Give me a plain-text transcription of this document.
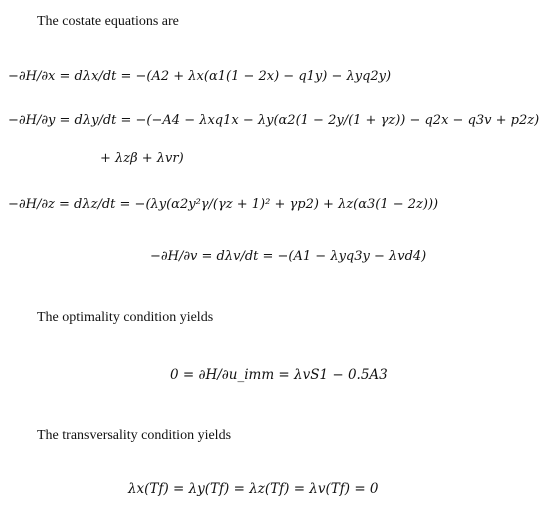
The costate equations are
−∂H/∂x = dλx/dt = −(A2 + λx(α1(1 − 2x) − q1y) − λyq2y)
−∂H/∂y = dλy/dt = −(−A4 − λxq1x − λy(α2(1 − 2y/(1 + γz)) − q2x − q3v + p2z)
+ λzβ + λvr)
−∂H/∂z = dλz/dt = −(λy(α2y²γ/(γz + 1)² + γp2) + λz(α3(1 − 2z)))
−∂H/∂v = dλv/dt = −(A1 − λyq3y − λvd4)
The optimality condition yields
0 = ∂H/∂u_imm = λvS1 − 0.5A3
The transversality condition yields
λx(Tf) = λy(Tf) = λz(Tf) = λv(Tf) = 0
